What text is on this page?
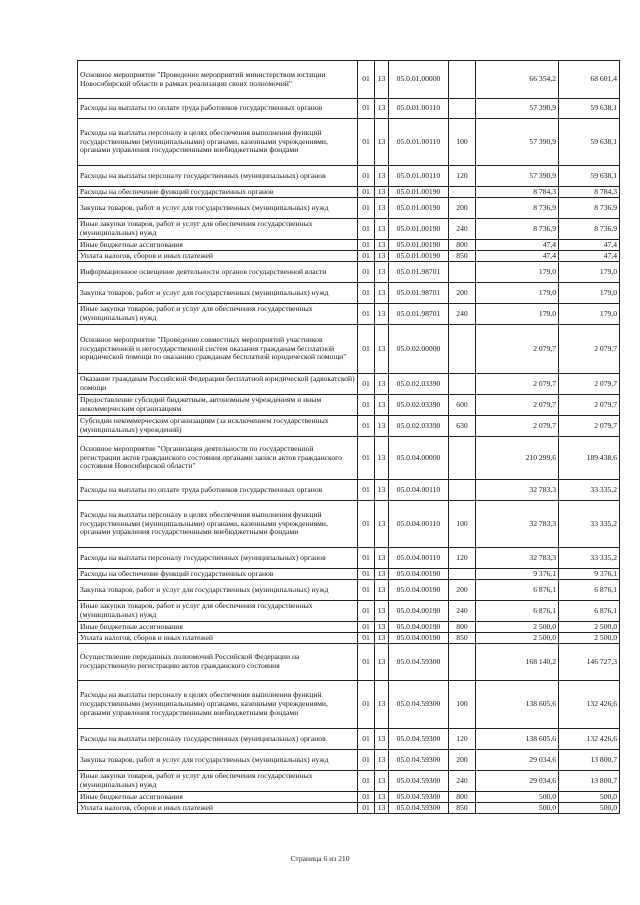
Основное мероприятие "Проведение мероприятий министерством юстиции Новосибирской области в рамках реализации своих полномочий"	01	13	05.0.01.00000		66 354,2	68 601,4
Расходы на выплаты по оплате труда работников государственных органов	01	13	05.0.01.00110		57 390,9	59 638,1
Расходы на выплаты персоналу в целях обеспечения выполнения функций государственными (муниципальными) органами, казенными учреждениями, органами управления государственными внебюджетными фондами	01	13	05.0.01.00110	100	57 390,9	59 638,1
Расходы на выплаты персоналу государственных (муниципальных) органов	01	13	05.0.01.00110	120	57 390,9	59 638,1
Расходы на обеспечение функций государственных органов	01	13	05.0.01.00190		8 784,3	8 784,3
Закупка товаров, работ и услуг для государственных (муниципальных) нужд	01	13	05.0.01.00190	200	8 736,9	8 736,9
Иные закупки товаров, работ и услуг для обеспечения государственных (муниципальных) нужд	01	13	05.0.01.00190	240	8 736,9	8 736,9
Иные бюджетные ассигнования	01	13	05.0.01.00190	800	47,4	47,4
Уплата налогов, сборов и иных платежей	01	13	05.0.01.00190	850	47,4	47,4
Информационное освещение деятельности органов государственной власти	01	13	05.0.01.98701		179,0	179,0
Закупка товаров, работ и услуг для государственных (муниципальных) нужд	01	13	05.0.01.98701	200	179,0	179,0
Иные закупки товаров, работ и услуг для обеспечения государственных (муниципальных) нужд	01	13	05.0.01.98701	240	179,0	179,0
Основное мероприятие "Проведение совместных мероприятий участников государственной и негосударственной систем оказания гражданам бесплатной юридической помощи по оказанию гражданам бесплатной юридической помощи"	01	13	05.0.02.00000		2 079,7	2 079,7
Оказание гражданам Российской Федерации бесплатной юридической (адвокатской) помощи	01	13	05.0.02.03390		2 079,7	2 079,7
Предоставление субсидий бюджетным, автономным учреждениям и иным некоммерческим организациям	01	13	05.0.02.03390	600	2 079,7	2 079,7
Субсидии некоммерческим организациям (за исключением государственных (муниципальных) учреждений)	01	13	05.0.02.03390	630	2 079,7	2 079,7
Основное мероприятие "Организация деятельности по государственной регистрации актов гражданского состояния органами записи актов гражданского состояния Новосибирской области"	01	13	05.0.04.00000		210 299,6	189 438,6
Расходы на выплаты по оплате труда работников государственных органов	01	13	05.0.04.00110		32 783,3	33 335,2
Расходы на выплаты персоналу в целях обеспечения выполнения функций государственными (муниципальными) органами, казенными учреждениями, органами управления государственными внебюджетными фондами	01	13	05.0.04.00110	100	32 783,3	33 335,2
Расходы на выплаты персоналу государственных (муниципальных) органов	01	13	05.0.04.00110	120	32 783,3	33 335,2
Расходы на обеспечение функций государственных органов	01	13	05.0.04.00190		9 376,1	9 376,1
Закупка товаров, работ и услуг для государственных (муниципальных) нужд	01	13	05.0.04.00190	200	6 876,1	6 876,1
Иные закупки товаров, работ и услуг для обеспечения государственных (муниципальных) нужд	01	13	05.0.04.00190	240	6 876,1	6 876,1
Иные бюджетные ассигнования	01	13	05.0.04.00190	800	2 500,0	2 500,0
Уплата налогов, сборов и иных платежей	01	13	05.0.04.00190	850	2 500,0	2 500,0
Осуществление переданных полномочий Российской Федерации на государственную регистрацию актов гражданского состояния	01	13	05.0.04.59300		168 140,2	146 727,3
Расходы на выплаты персоналу в целях обеспечения выполнения функций государственными (муниципальными) органами, казенными учреждениями, органами управления государственными внебюджетными фондами	01	13	05.0.04.59300	100	138 605,6	132 426,6
Расходы на выплаты персоналу государственных (муниципальных) органов	01	13	05.0.04.59300	120	138 605,6	132 426,6
Закупка товаров, работ и услуг для государственных (муниципальных) нужд	01	13	05.0.04.59300	200	29 034,6	13 800,7
Иные закупки товаров, работ и услуг для обеспечения государственных (муниципальных) нужд	01	13	05.0.04.59300	240	29 034,6	13 800,7
Иные бюджетные ассигнования	01	13	05.0.04.59300	800	500,0	500,0
Уплата налогов, сборов и иных платежей	01	13	05.0.04.59300	850	500,0	500,0
Страница 6 из 210
